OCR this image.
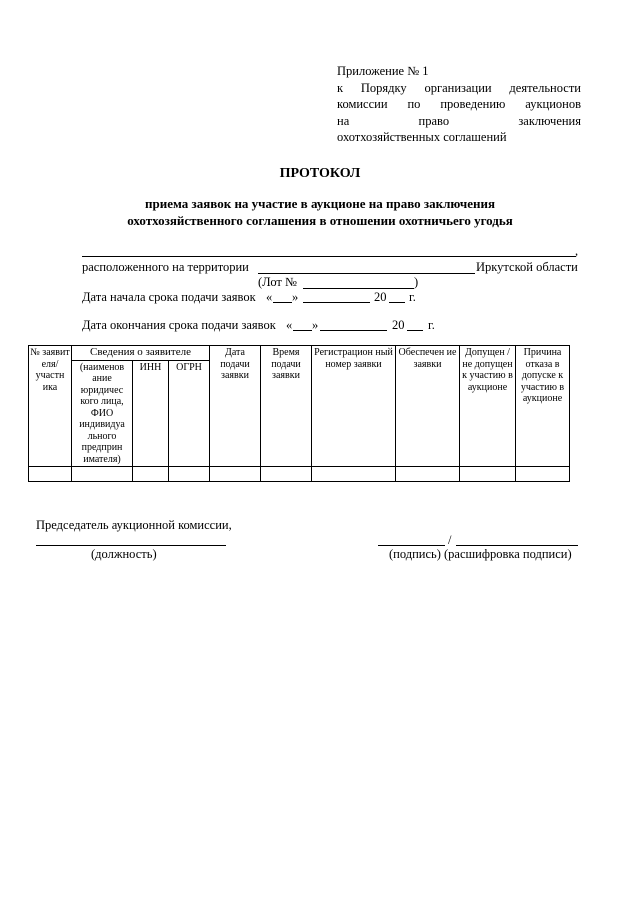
Приложение № 1
к Порядку организации деятельности
комиссии по проведению аукционов
на право заключения
охотхозяйственных соглашений
ПРОТОКОЛ
приема заявок на участие в аукционе на право заключения
охотхозяйственного соглашения в отношении охотничьего угодья
,
расположенного на территории	Иркутской области
(Лот №	)
Дата начала срока подачи заявок « »	20 г.
Дата окончания срока подачи заявок « »	20 г.
№ заявит еля/ участн ика	Сведения о заявителе			Дата подачи заявки	Время подачи заявки	Регистрацион ный номер заявки	Обеспечен ие заявки	Допущен /не допущен к участию в аукционе	Причина отказа в допуске к участию в аукционе
	(наименов ание юридичес кого лица, ФИО индивидуа льного предприн имателя)	ИНН	ОГРН						

Председатель аукционной комиссии,
(должность)
/
(подпись) (расшифровка подписи)
